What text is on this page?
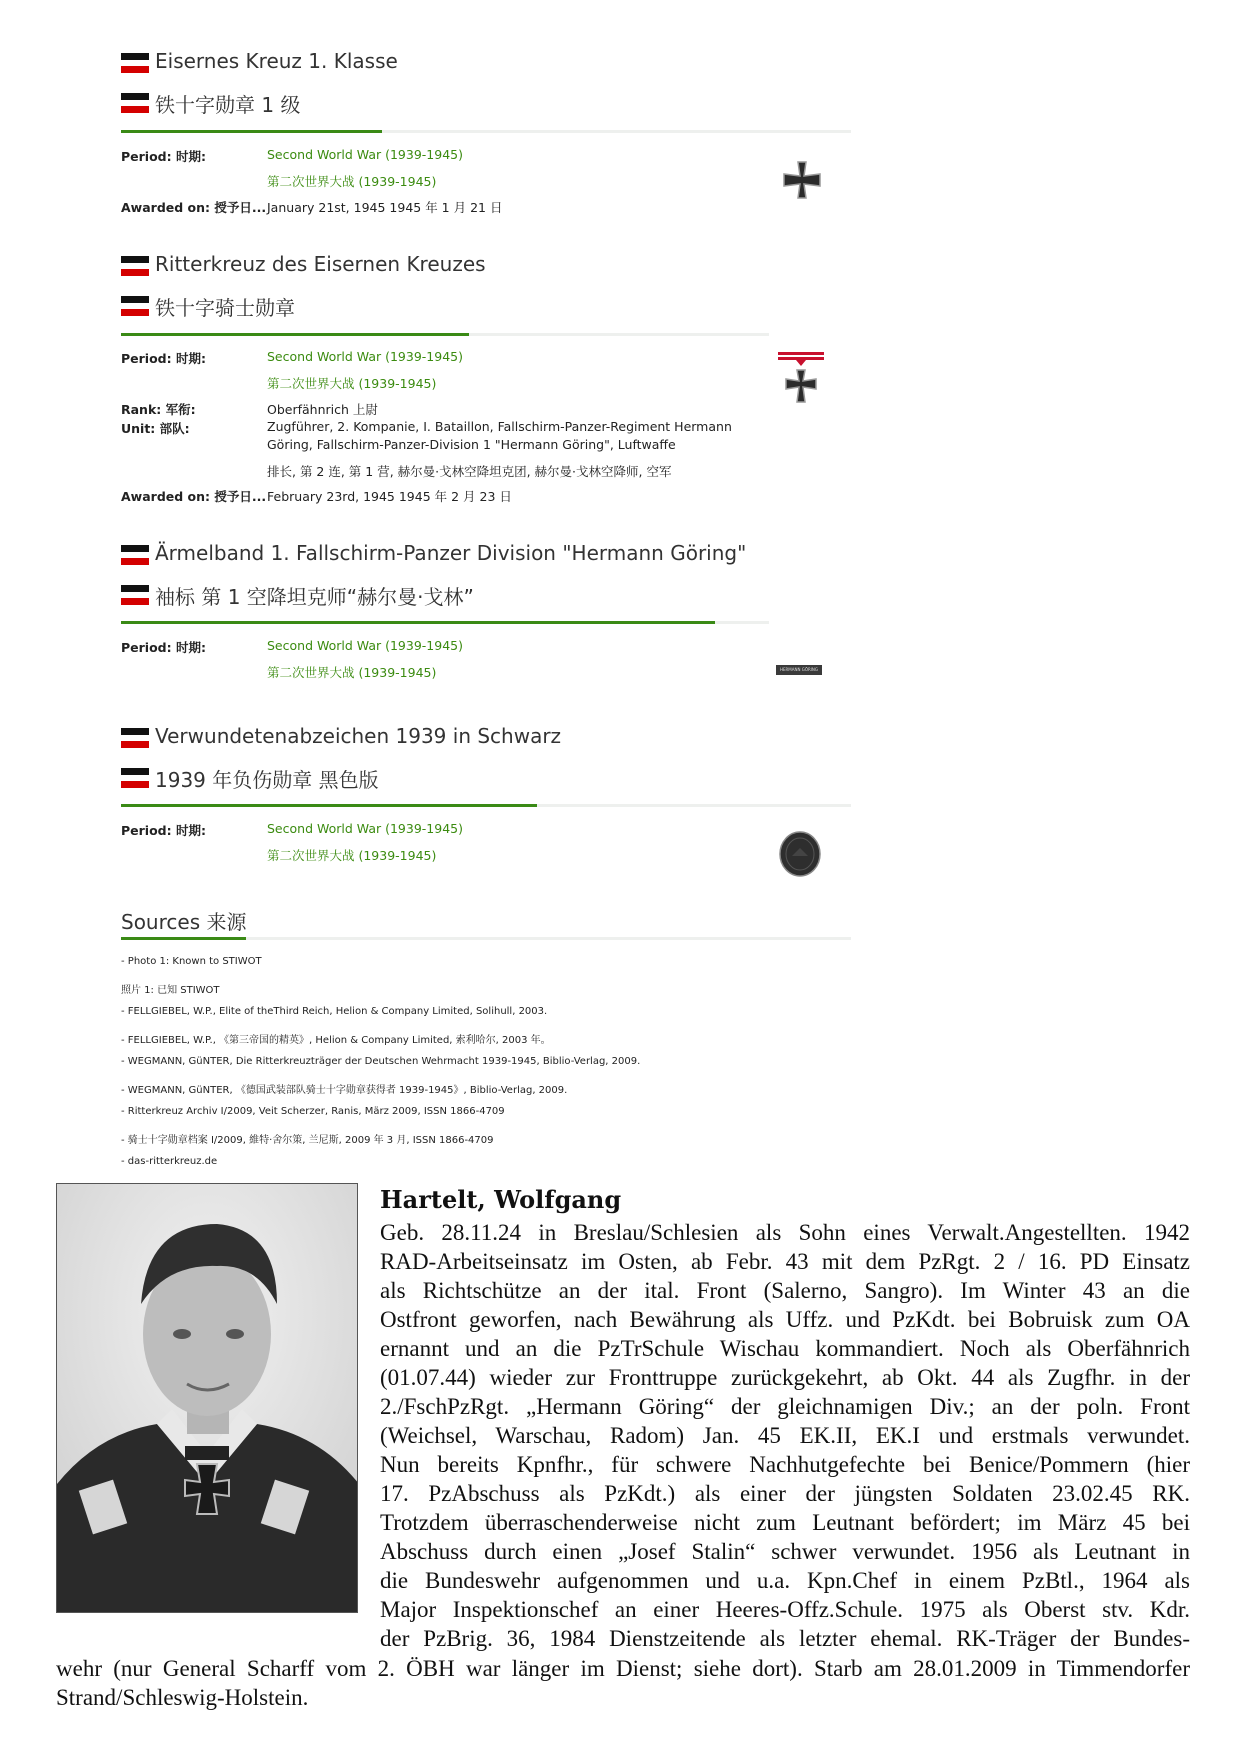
Eisernes Kreuz 1. Klasse
铁十字勋章 1 级
Period: 时期:	Second World War (1939-1945)
第二次世界大战 (1939-1945)
Awarded on: 授予日... January 21st, 1945 1945 年 1 月 21 日
Ritterkreuz des Eisernen Kreuzes
铁十字骑士勋章
Period: 时期:	Second World War (1939-1945)
第二次世界大战 (1939-1945)
Rank: 军衔:	Oberfähnrich 上尉
Unit: 部队:	Zugführer, 2. Kompanie, I. Bataillon, Fallschirm-Panzer-Regiment Hermann
Göring, Fallschirm-Panzer-Division 1 "Hermann Göring", Luftwaffe
排长, 第 2 连, 第 1 营, 赫尔曼·戈林空降坦克团, 赫尔曼·戈林空降师, 空军
Awarded on: 授予日... February 23rd, 1945 1945 年 2 月 23 日
Ärmelband 1. Fallschirm-Panzer Division "Hermann Göring"
袖标 第 1 空降坦克师“赫尔曼·戈林”
Period: 时期:	Second World War (1939-1945)
第二次世界大战 (1939-1945)	HERMANN GÖRING
Verwundetenabzeichen 1939 in Schwarz
1939 年负伤勋章 黑色版
Period: 时期:	Second World War (1939-1945)
第二次世界大战 (1939-1945)
Sources 来源
- Photo 1: Known to STIWOT
照片 1: 已知 STIWOT
- FELLGIEBEL, W.P., Elite of theThird Reich, Helion & Company Limited, Solihull, 2003.
- FELLGIEBEL, W.P., 《第三帝国的精英》, Helion & Company Limited, 索利哈尔, 2003 年。
- WEGMANN, GüNTER, Die Ritterkreuzträger der Deutschen Wehrmacht 1939-1945, Biblio-Verlag, 2009.
- WEGMANN, GüNTER, 《德国武装部队骑士十字勋章获得者 1939-1945》, Biblio-Verlag, 2009.
- Ritterkreuz Archiv I/2009, Veit Scherzer, Ranis, März 2009, ISSN 1866-4709
- 骑士十字勋章档案 I/2009, 維特·舍尔策, 兰尼斯, 2009 年 3 月, ISSN 1866-4709
- das-ritterkreuz.de
Hartelt, Wolfgang
Geb. 28.11.24 in Breslau/Schlesien als Sohn eines Verwalt.Angestellten. 1942
RAD-Arbeitseinsatz im Osten, ab Febr. 43 mit dem PzRgt. 2 / 16. PD Einsatz
als Richtschütze an der ital. Front (Salerno, Sangro). Im Winter 43 an die
Ostfront geworfen, nach Bewährung als Uffz. und PzKdt. bei Bobruisk zum OA
ernannt und an die PzTrSchule Wischau kommandiert. Noch als Oberfähnrich
(01.07.44) wieder zur Fronttruppe zurückgekehrt, ab Okt. 44 als Zugfhr. in der
2./FschPzRgt. „Hermann Göring“ der gleichnamigen Div.; an der poln. Front
(Weichsel, Warschau, Radom) Jan. 45 EK.II, EK.I und erstmals verwundet.
Nun bereits Kpnfhr., für schwere Nachhutgefechte bei Benice/Pommern (hier
17. PzAbschuss als PzKdt.) als einer der jüngsten Soldaten 23.02.45 RK.
Trotzdem überraschenderweise nicht zum Leutnant befördert; im März 45 bei
Abschuss durch einen „Josef Stalin“ schwer verwundet. 1956 als Leutnant in
die Bundeswehr aufgenommen und u.a. Kpn.Chef in einem PzBtl., 1964 als
Major Inspektionschef an einer Heeres-Offz.Schule. 1975 als Oberst stv. Kdr.
der PzBrig. 36, 1984 Dienstzeitende als letzter ehemal. RK-Träger der Bundes-
wehr (nur General Scharff vom 2. ÖBH war länger im Dienst; siehe dort). Starb am 28.01.2009 in Timmendorfer Strand/Schleswig-Holstein.
